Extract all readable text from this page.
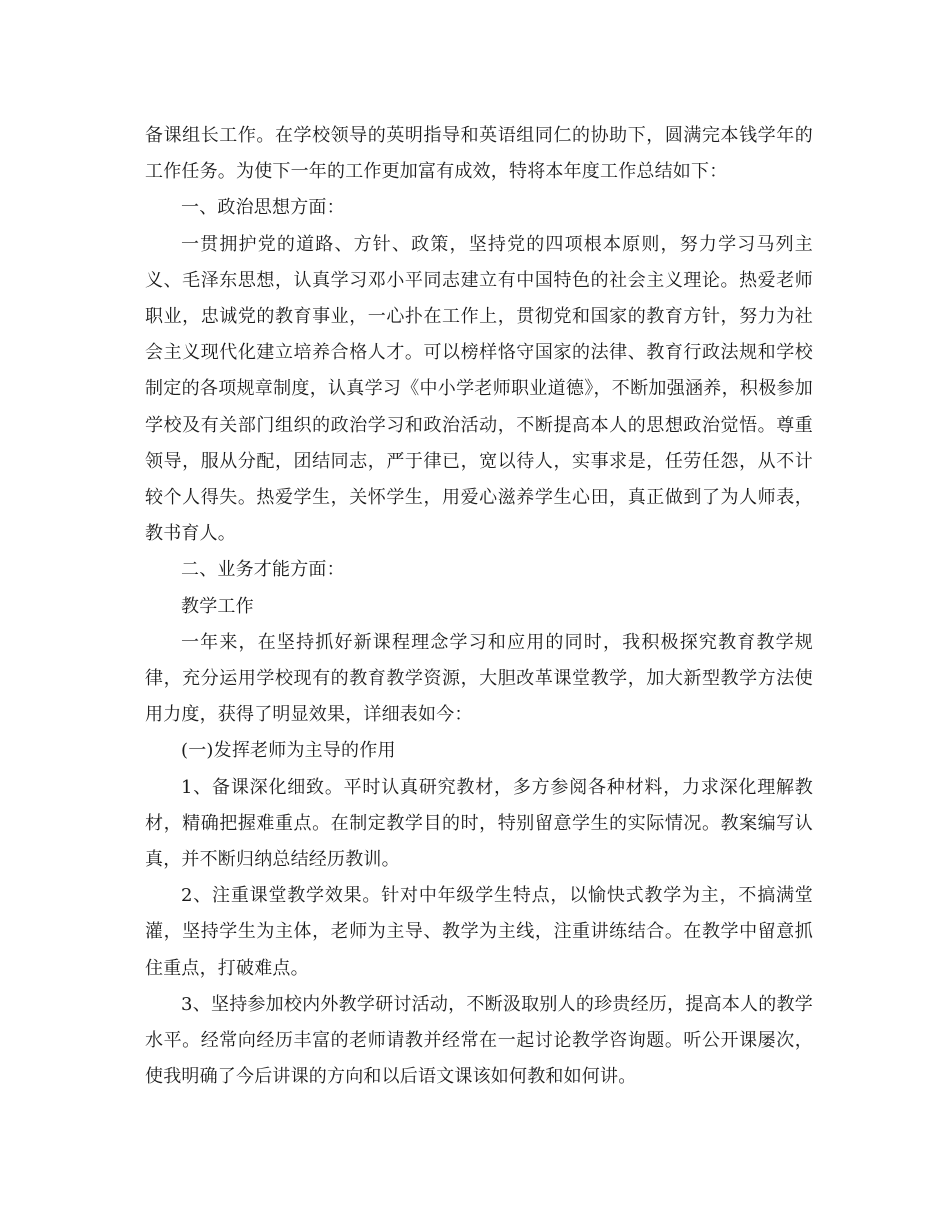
备课组长工作。在学校领导的英明指导和英语组同仁的协助下，圆满完本钱学年的工作任务。为使下一年的工作更加富有成效，特将本年度工作总结如下：

一、政治思想方面：

一贯拥护党的道路、方针、政策，坚持党的四项根本原则，努力学习马列主义、毛泽东思想，认真学习邓小平同志建立有中国特色的社会主义理论。热爱老师职业，忠诚党的教育事业，一心扑在工作上，贯彻党和国家的教育方针，努力为社会主义现代化建立培养合格人才。可以榜样恪守国家的法律、教育行政法规和学校制定的各项规章制度，认真学习《中小学老师职业道德》，不断加强涵养，积极参加学校及有关部门组织的政治学习和政治活动，不断提高本人的思想政治觉悟。尊重领导，服从分配，团结同志，严于律已，宽以待人，实事求是，任劳任怨，从不计较个人得失。热爱学生，关怀学生，用爱心滋养学生心田，真正做到了为人师表，教书育人。

二、业务才能方面：

教学工作

一年来，在坚持抓好新课程理念学习和应用的同时，我积极探究教育教学规律，充分运用学校现有的教育教学资源，大胆改革课堂教学，加大新型教学方法使用力度，获得了明显效果，详细表如今：

(一)发挥老师为主导的作用

1、备课深化细致。平时认真研究教材，多方参阅各种材料，力求深化理解教材，精确把握难重点。在制定教学目的时，特别留意学生的实际情况。教案编写认真，并不断归纳总结经历教训。

2、注重课堂教学效果。针对中年级学生特点，以愉快式教学为主，不搞满堂灌，坚持学生为主体，老师为主导、教学为主线，注重讲练结合。在教学中留意抓住重点，打破难点。

3、坚持参加校内外教学研讨活动，不断汲取别人的珍贵经历，提高本人的教学水平。经常向经历丰富的老师请教并经常在一起讨论教学咨询题。听公开课屡次，使我明确了今后讲课的方向和以后语文课该如何教和如何讲。
